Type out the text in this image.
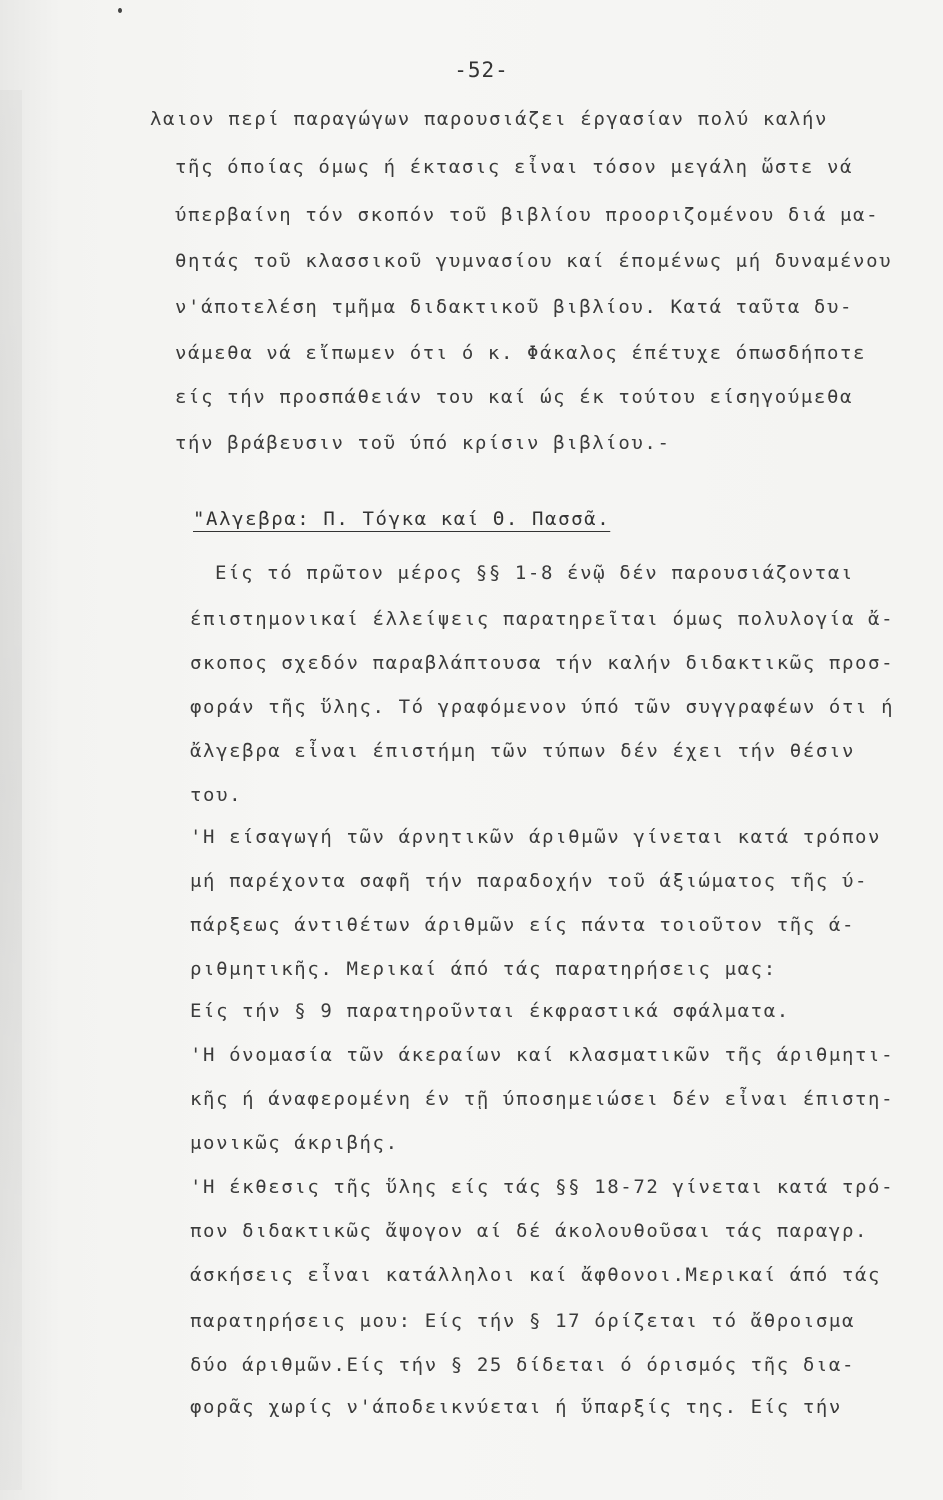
-52-
λαιον περί παραγώγων παρουσιάζει έργασίαν πολύ καλήν
τῆς όποίας όμως ή έκτασις εἶναι τόσον μεγάλη ὥστε νά
ύπερβαίνη τόν σκοπόν τοῦ βιβλίου προοριζομένου διά μα-
θητάς τοῦ κλασσικοῦ γυμνασίου καί έπομένως μή δυναμένου
ν'άποτελέση τμῆμα διδακτικοῦ βιβλίου. Κατά ταῦτα δυ-
νάμεθα νά εἴπωμεν ότι ό κ. Φάκαλος έπέτυχε όπωσδήποτε
είς τήν προσπάθειάν του καί ώς έκ τούτου είσηγούμεθα
τήν βράβευσιν τοῦ ύπό κρίσιν βιβλίου.-
"Αλγεβρα: Π. Τόγκα καί Θ. Πασσᾶ.
Είς τό πρῶτον μέρος §§ 1-8 ένῷ δέν παρουσιάζονται
έπιστημονικαί έλλείψεις παρατηρεῖται όμως πολυλογία ἄ-
σκοπος σχεδόν παραβλάπτουσα τήν καλήν διδακτικῶς προσ-
φοράν τῆς ὕλης. Τό γραφόμενον ύπό τῶν συγγραφέων ότι ή
ἄλγεβρα εἶναι έπιστήμη τῶν τύπων δέν έχει τήν θέσιν
του.
'Η είσαγωγή τῶν άρνητικῶν άριθμῶν γίνεται κατά τρόπον
μή παρέχοντα σαφῆ τήν παραδοχήν τοῦ άξιώματος τῆς ύ-
πάρξεως άντιθέτων άριθμῶν είς πάντα τοιοῦτον τῆς ά-
ριθμητικῆς. Μερικαί άπό τάς παρατηρήσεις μας:
Είς τήν § 9 παρατηροῦνται έκφραστικά σφάλματα.
'Η όνομασία τῶν άκεραίων καί κλασματικῶν τῆς άριθμητι-
κῆς ή άναφερομένη έν τῇ ύποσημειώσει δέν εἶναι έπιστη-
μονικῶς άκριβής.
'Η έκθεσις τῆς ὕλης είς τάς §§ 18-72 γίνεται κατά τρό-
πον διδακτικῶς ἄψογον αί δέ άκολουθοῦσαι τάς παραγρ.
άσκήσεις εἶναι κατάλληλοι καί ἄφθονοι.Μερικαί άπό τάς
παρατηρήσεις μου: Είς τήν § 17 όρίζεται τό ἄθροισμα
δύο άριθμῶν.Είς τήν § 25 δίδεται ό όρισμός τῆς δια-
φορᾶς χωρίς ν'άποδεικνύεται ή ὕπαρξίς της. Είς τήν
